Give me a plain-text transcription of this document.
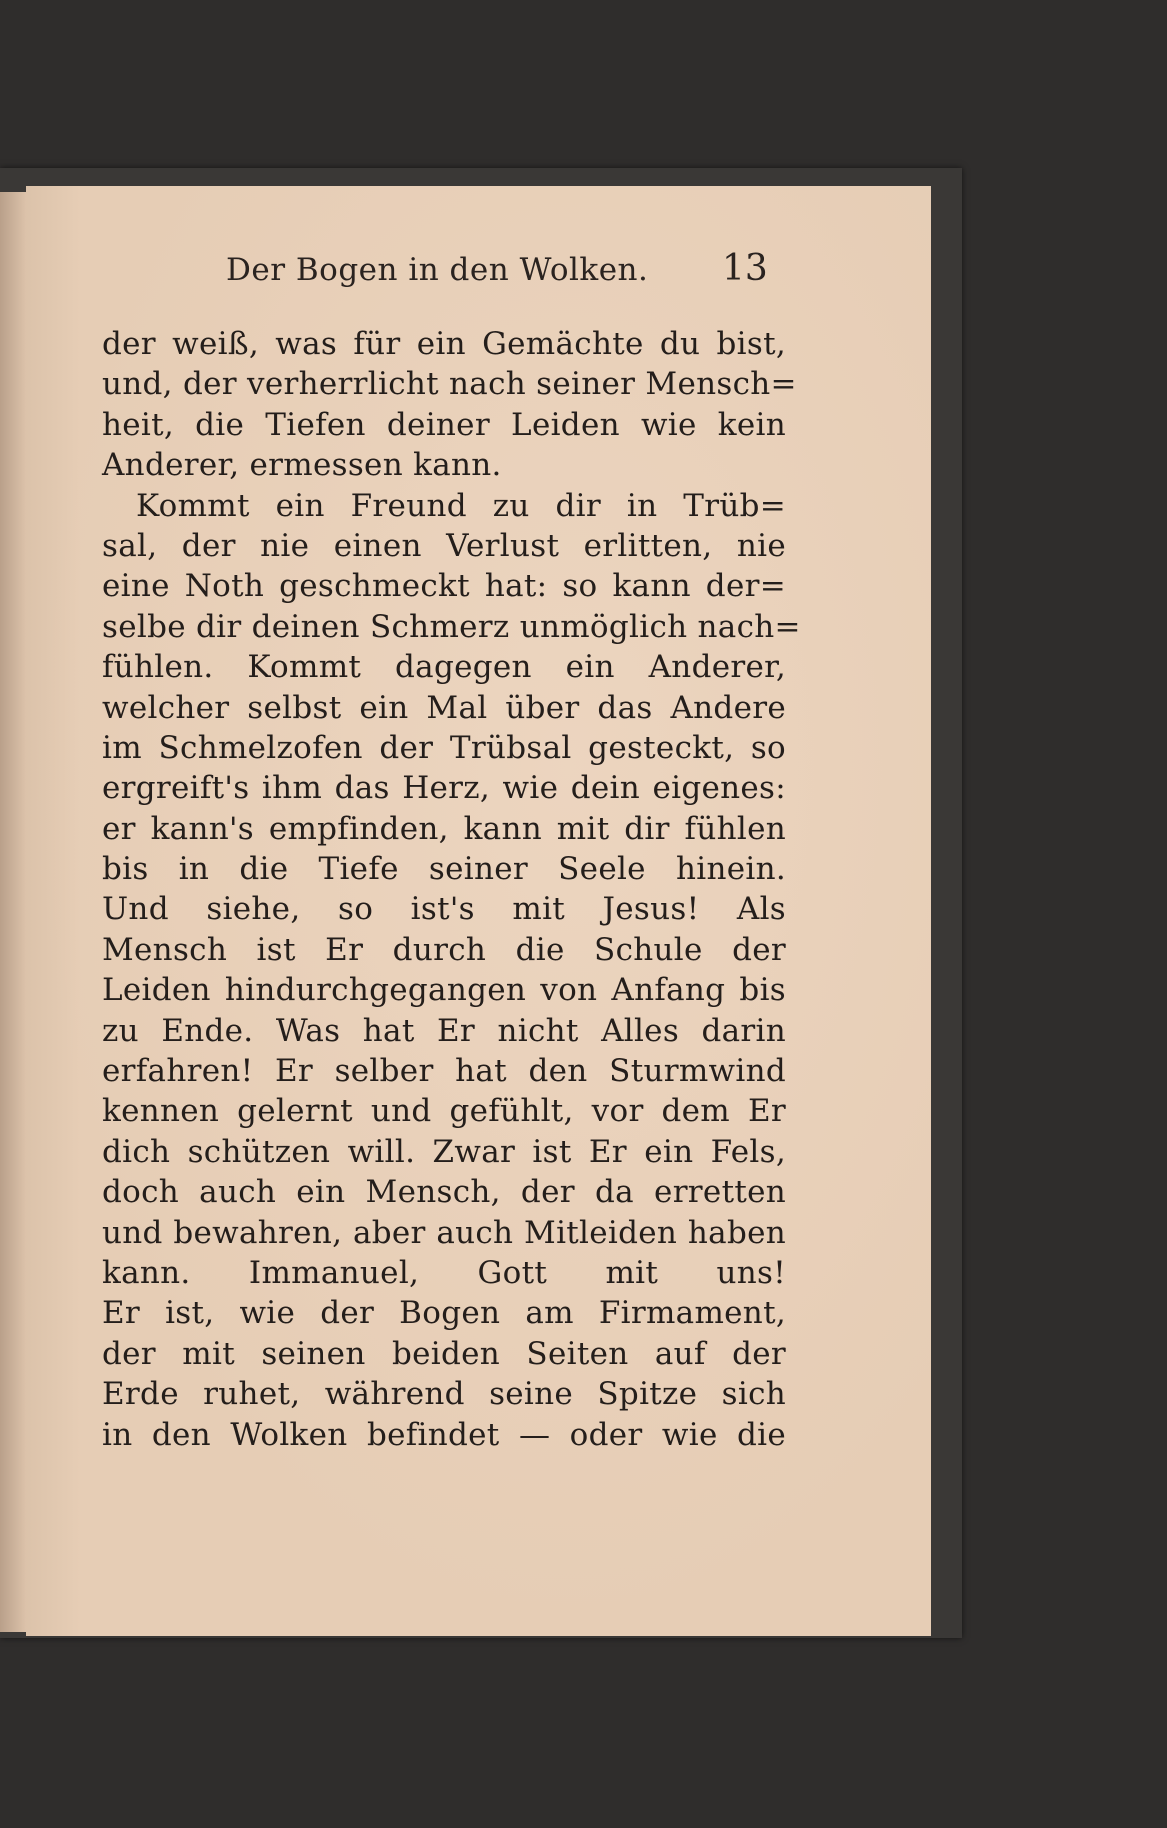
Der Bogen in den Wolken. 13
der weiß, was für ein Gemächte du bist,
und, der verherrlicht nach seiner Mensch=
heit, die Tiefen deiner Leiden wie kein
Anderer, ermessen kann.
Kommt ein Freund zu dir in Trüb=
sal, der nie einen Verlust erlitten, nie
eine Noth geschmeckt hat: so kann der=
selbe dir deinen Schmerz unmöglich nach=
fühlen. Kommt dagegen ein Anderer,
welcher selbst ein Mal über das Andere
im Schmelzofen der Trübsal gesteckt, so
ergreift's ihm das Herz, wie dein eigenes:
er kann's empfinden, kann mit dir fühlen
bis in die Tiefe seiner Seele hinein.
Und siehe, so ist's mit Jesus! Als
Mensch ist Er durch die Schule der
Leiden hindurchgegangen von Anfang bis
zu Ende. Was hat Er nicht Alles darin
erfahren! Er selber hat den Sturmwind
kennen gelernt und gefühlt, vor dem Er
dich schützen will. Zwar ist Er ein Fels,
doch auch ein Mensch, der da erretten
und bewahren, aber auch Mitleiden haben
kann. Immanuel, Gott mit uns!
Er ist, wie der Bogen am Firmament,
der mit seinen beiden Seiten auf der
Erde ruhet, während seine Spitze sich
in den Wolken befindet — oder wie die
